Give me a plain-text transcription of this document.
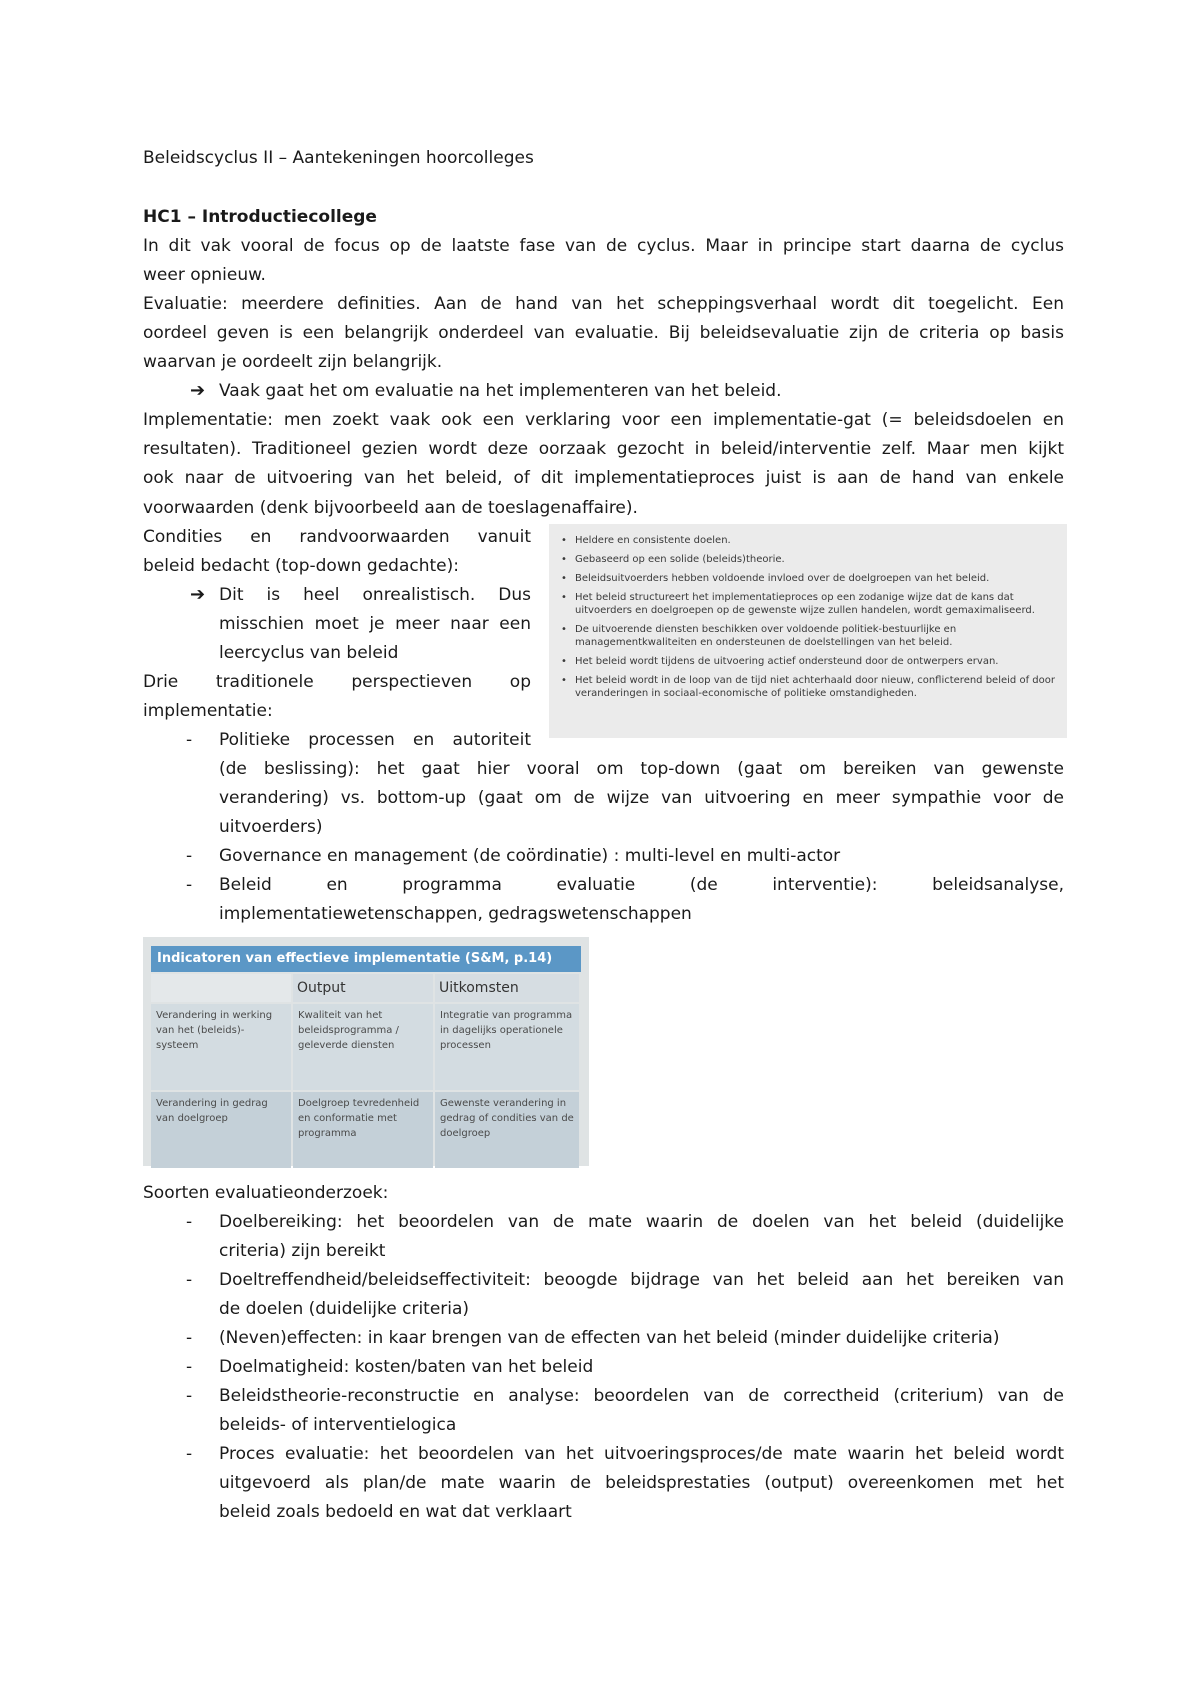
Beleidscyclus II – Aantekeningen hoorcolleges
HC1 – Introductiecollege
In dit vak vooral de focus op de laatste fase van de cyclus. Maar in principe start daarna de cyclus
weer opnieuw.
Evaluatie: meerdere definities. Aan de hand van het scheppingsverhaal wordt dit toegelicht. Een
oordeel geven is een belangrijk onderdeel van evaluatie. Bij beleidsevaluatie zijn de criteria op basis
waarvan je oordeelt zijn belangrijk.
➔ Vaak gaat het om evaluatie na het implementeren van het beleid.
Implementatie: men zoekt vaak ook een verklaring voor een implementatie-gat (= beleidsdoelen en
resultaten). Traditioneel gezien wordt deze oorzaak gezocht in beleid/interventie zelf. Maar men kijkt
ook naar de uitvoering van het beleid, of dit implementatieproces juist is aan de hand van enkele
voorwaarden (denk bijvoorbeeld aan de toeslagenaffaire).
Condities en randvoorwaarden vanuit
beleid bedacht (top-down gedachte):
➔ Dit is heel onrealistisch. Dus
misschien moet je meer naar een
leercyclus van beleid
Drie traditionele perspectieven op
implementatie:
• Heldere en consistente doelen.
• Gebaseerd op een solide (beleids)theorie.
• Beleidsuitvoerders hebben voldoende invloed over de doelgroepen van het beleid.
• Het beleid structureert het implementatieproces op een zodanige wijze dat de kans dat uitvoerders en doelgroepen op de gewenste wijze zullen handelen, wordt gemaximaliseerd.
• De uitvoerende diensten beschikken over voldoende politiek-bestuurlijke en managementkwaliteiten en ondersteunen de doelstellingen van het beleid.
• Het beleid wordt tijdens de uitvoering actief ondersteund door de ontwerpers ervan.
• Het beleid wordt in de loop van de tijd niet achterhaald door nieuw, conflicterend beleid of door veranderingen in sociaal-economische of politieke omstandigheden.
- Politieke processen en autoriteit
(de beslissing): het gaat hier vooral om top-down (gaat om bereiken van gewenste
verandering) vs. bottom-up (gaat om de wijze van uitvoering en meer sympathie voor de
uitvoerders)
- Governance en management (de coördinatie) : multi-level en multi-actor
- Beleid en programma evaluatie (de interventie): beleidsanalyse,
implementatiewetenschappen, gedragswetenschappen
Indicatoren van effectieve implementatie (S&M, p.14)
Output	Uitkomsten
Verandering in werking van het (beleids)-systeem
Kwaliteit van het beleidsprogramma / geleverde diensten
Integratie van programma in dagelijks operationele processen
Verandering in gedrag van doelgroep
Doelgroep tevredenheid en conformatie met programma
Gewenste verandering in gedrag of condities van de doelgroep
Soorten evaluatieonderzoek:
- Doelbereiking: het beoordelen van de mate waarin de doelen van het beleid (duidelijke
criteria) zijn bereikt
- Doeltreffendheid/beleidseffectiviteit: beoogde bijdrage van het beleid aan het bereiken van
de doelen (duidelijke criteria)
- (Neven)effecten: in kaar brengen van de effecten van het beleid (minder duidelijke criteria)
- Doelmatigheid: kosten/baten van het beleid
- Beleidstheorie-reconstructie en analyse: beoordelen van de correctheid (criterium) van de
beleids- of interventielogica
- Proces evaluatie: het beoordelen van het uitvoeringsproces/de mate waarin het beleid wordt
uitgevoerd als plan/de mate waarin de beleidsprestaties (output) overeenkomen met het
beleid zoals bedoeld en wat dat verklaart
